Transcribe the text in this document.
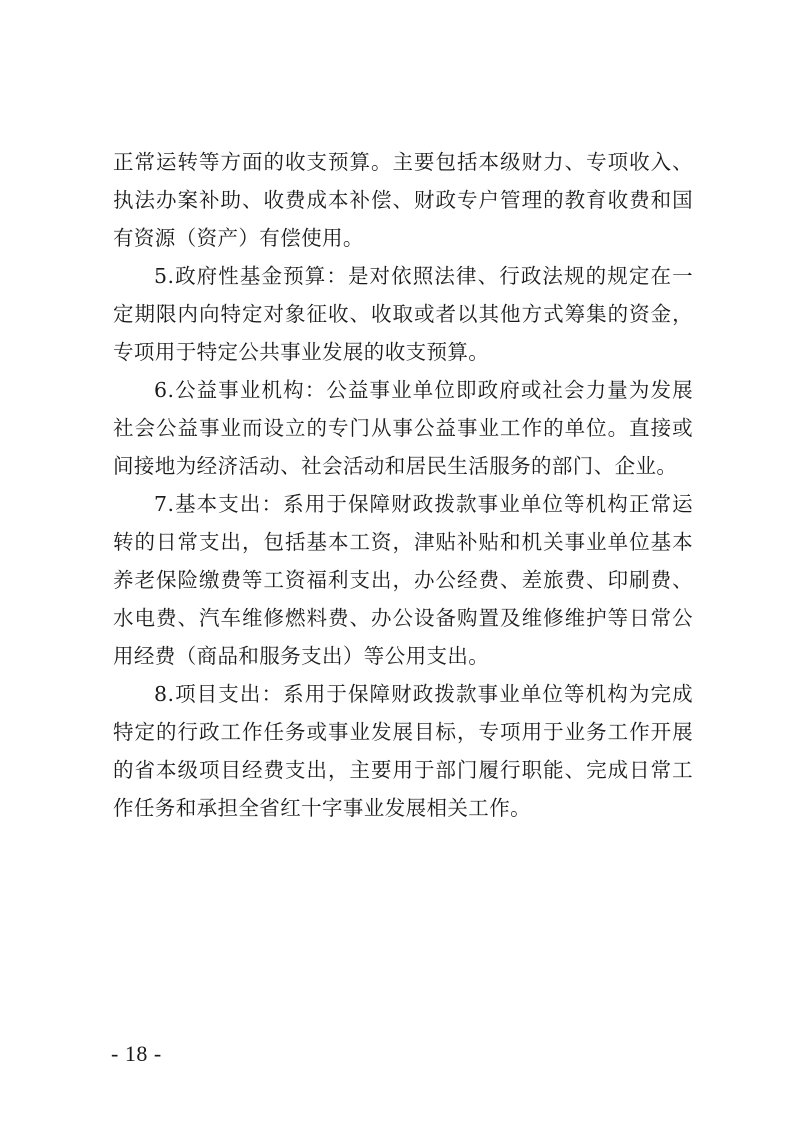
正常运转等方面的收支预算。主要包括本级财力、专项收入、执法办案补助、收费成本补偿、财政专户管理的教育收费和国有资源（资产）有偿使用。

5.政府性基金预算：是对依照法律、行政法规的规定在一定期限内向特定对象征收、收取或者以其他方式筹集的资金，专项用于特定公共事业发展的收支预算。

6.公益事业机构：公益事业单位即政府或社会力量为发展社会公益事业而设立的专门从事公益事业工作的单位。直接或间接地为经济活动、社会活动和居民生活服务的部门、企业。

7.基本支出：系用于保障财政拨款事业单位等机构正常运转的日常支出，包括基本工资，津贴补贴和机关事业单位基本养老保险缴费等工资福利支出，办公经费、差旅费、印刷费、水电费、汽车维修燃料费、办公设备购置及维修维护等日常公用经费（商品和服务支出）等公用支出。

8.项目支出：系用于保障财政拨款事业单位等机构为完成特定的行政工作任务或事业发展目标，专项用于业务工作开展的省本级项目经费支出，主要用于部门履行职能、完成日常工作任务和承担全省红十字事业发展相关工作。

- 18 -
